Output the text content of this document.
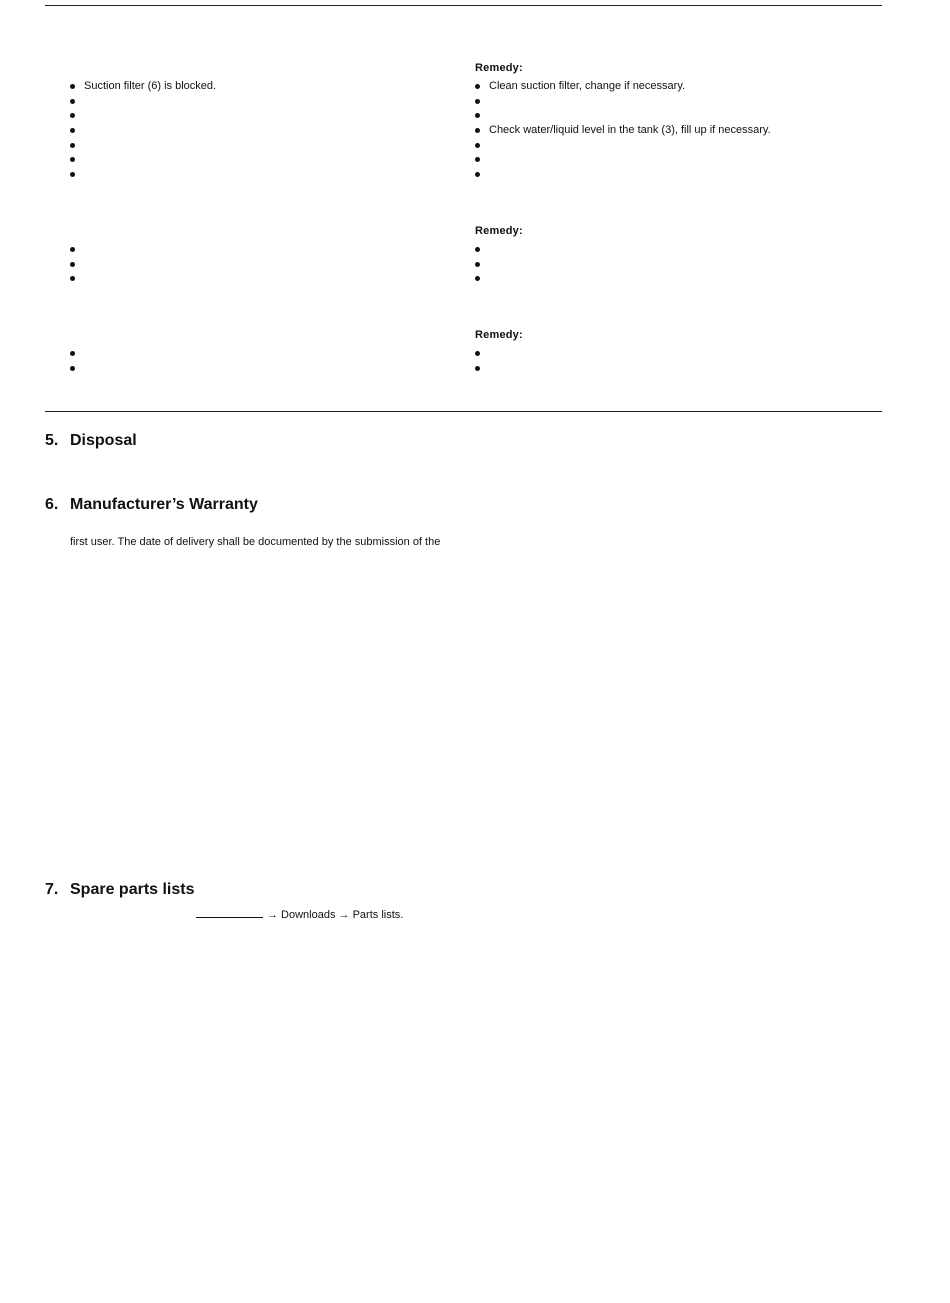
Suction filter (6) is blocked.
Remedy:
Clean suction filter, change if necessary.
Check water/liquid level in the tank (3), fill up if necessary.
Remedy:
Remedy:
5. Disposal
6. Manufacturer’s Warranty
first user. The date of delivery shall be documented by the submission of the
7. Spare parts lists
→ Downloads → Parts lists.
